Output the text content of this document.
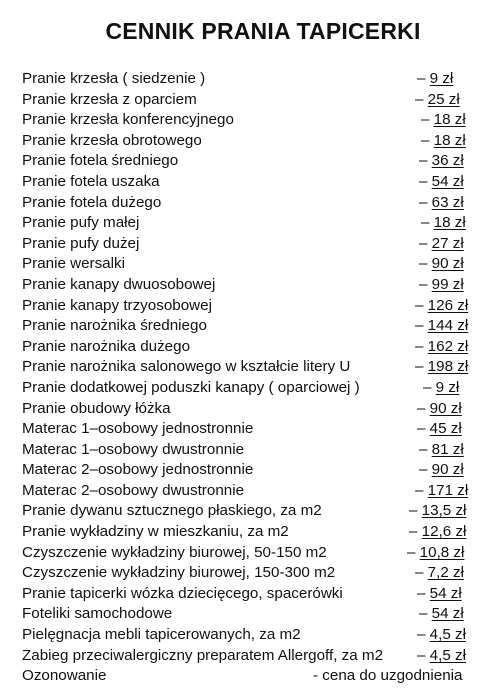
CENNIK PRANIA TAPICERKI
Pranie krzesła ( siedzenie )	– 9 zł
Pranie krzesła z oparciem	– 25 zł
Pranie krzesła konferencyjnego	– 18 zł
Pranie krzesła obrotowego	– 18 zł
Pranie fotela średniego	– 36 zł
Pranie fotela uszaka	– 54 zł
Pranie fotela dużego	– 63 zł
Pranie pufy małej	– 18 zł
Pranie pufy dużej	– 27 zł
Pranie wersalki	– 90 zł
Pranie kanapy dwuosobowej	– 99 zł
Pranie kanapy trzyosobowej	– 126 zł
Pranie narożnika średniego	– 144 zł
Pranie narożnika dużego	– 162 zł
Pranie narożnika salonowego w kształcie litery U	– 198 zł
Pranie dodatkowej poduszki kanapy ( oparciowej )	– 9 zł
Pranie obudowy łóżka	– 90 zł
Materac 1–osobowy jednostronnie	– 45 zł
Materac 1–osobowy dwustronnie	– 81 zł
Materac 2–osobowy jednostronnie	– 90 zł
Materac 2–osobowy dwustronnie	– 171 zł
Pranie dywanu sztucznego płaskiego, za m2	– 13,5 zł
Pranie wykładziny w mieszkaniu, za m2	– 12,6 zł
Czyszczenie wykładziny biurowej, 50-150 m2	– 10,8 zł
Czyszczenie wykładziny biurowej, 150-300 m2	– 7,2 zł
Pranie tapicerki wózka dziecięcego, spacerówki	– 54 zł
Foteliki samochodowe	– 54 zł
Pielęgnacja mebli tapicerowanych, za m2	– 4,5 zł
Zabieg przeciwalergiczny preparatem Allergoff, za m2 – 4,5 zł
Ozonowanie	- cena do uzgodnienia
